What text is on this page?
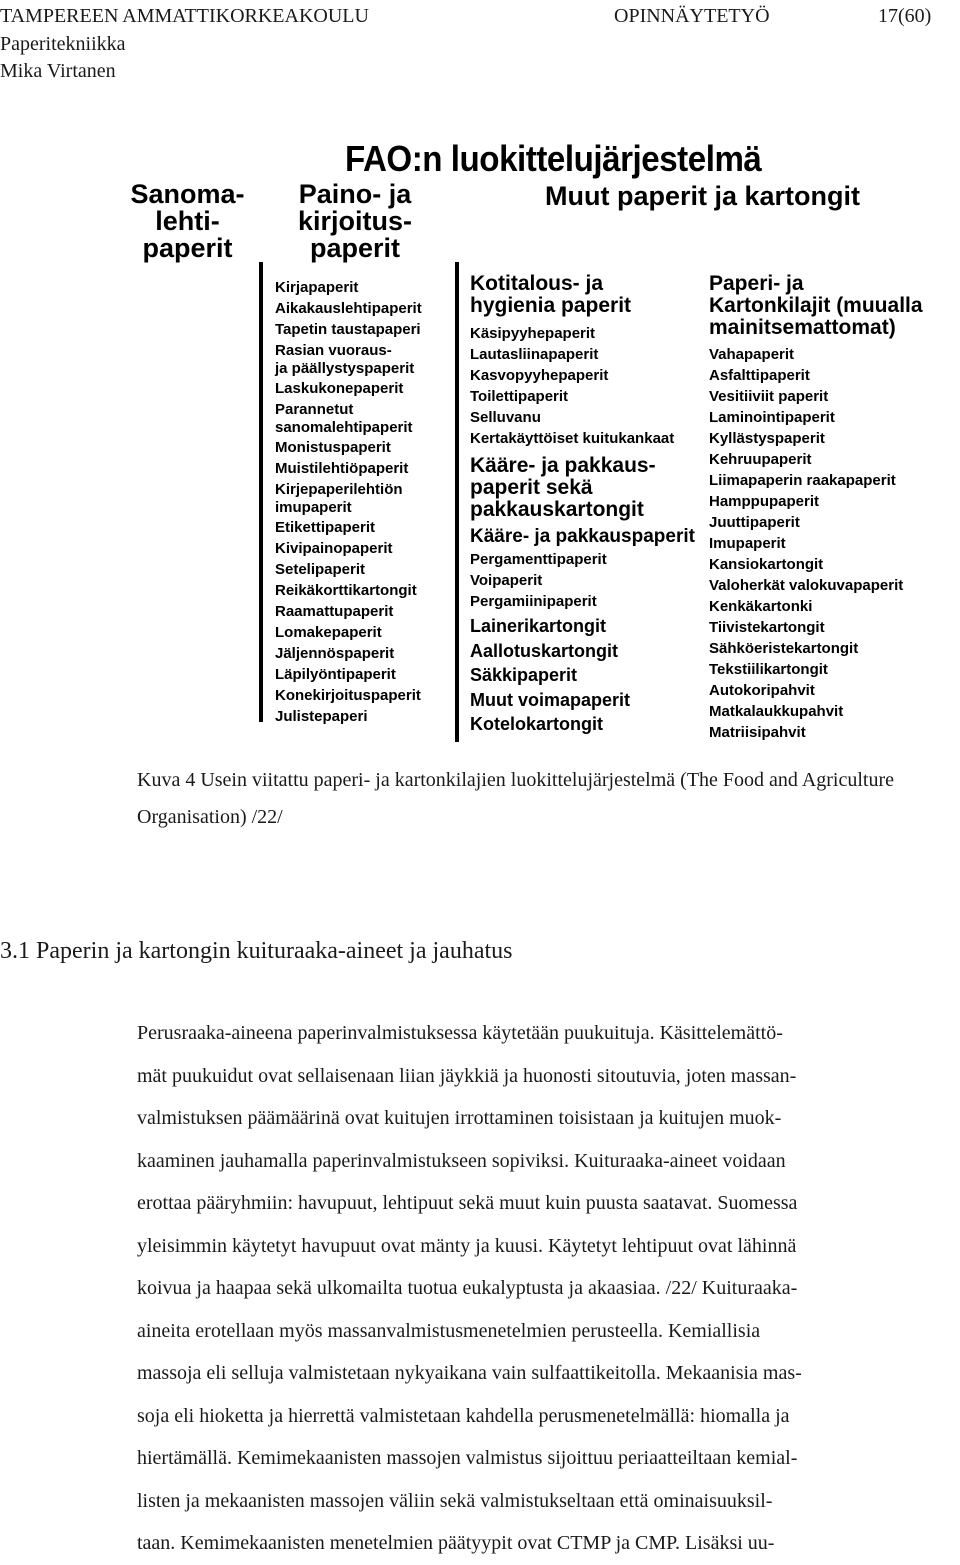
TAMPEREEN AMMATTIKORKEAKOULU	OPINNÄYTETYÖ	17(60)
Paperitekniikka
Mika Virtanen
FAO:n luokittelujärjestelmä
Sanoma-
lehti-
paperit
Paino- ja
kirjoitus-
paperit
Muut paperit ja kartongit
Kirjapaperit
Aikakauslehtipaperit
Tapetin taustapaperi
Rasian vuoraus-
ja päällystyspaperit
Laskukonepaperit
Parannetut
sanomalehtipaperit
Monistuspaperit
Muistilehtiöpaperit
Kirjepaperilehtiön
imupaperit
Etikettipaperit
Kivipainopaperit
Setelipaperit
Reikäkorttikartongit
Raamattupaperit
Lomakepaperit
Jäljennöspaperit
Läpilyöntipaperit
Konekirjoituspaperit
Julistepaperi
Kotitalous- ja
hygienia paperit
Käsipyyhepaperit
Lautasliinapaperit
Kasvopyyhepaperit
Toilettipaperit
Selluvanu
Kertakäyttöiset kuitukankaat
Kääre- ja pakkaus-
paperit sekä
pakkauskartongit
Kääre- ja pakkauspaperit
Pergamenttipaperit
Voipaperit
Pergamiinipaperit
Lainerikartongit
Aallotuskartongit
Säkkipaperit
Muut voimapaperit
Kotelokartongit
Paperi- ja
Kartonkilajit (muualla
mainitsemattomat)
Vahapaperit
Asfalttipaperit
Vesitiiviit paperit
Laminointipaperit
Kyllästyspaperit
Kehruupaperit
Liimapaperin raakapaperit
Hamppupaperit
Juuttipaperit
Imupaperit
Kansiokartongit
Valoherkät valokuvapaperit
Kenkäkartonki
Tiivistekartongit
Sähköeristekartongit
Tekstiilikartongit
Autokoripahvit
Matkalaukkupahvit
Matriisipahvit
Kuva 4 Usein viitattu paperi- ja kartonkilajien luokittelujärjestelmä (The Food and Agriculture Organisation) /22/
3.1 Paperin ja kartongin kuituraaka-aineet ja jauhatus

Perusraaka-aineena paperinvalmistuksessa käytetään puukuituja. Käsittelemättö-
mät puukuidut ovat sellaisenaan liian jäykkiä ja huonosti sitoutuvia, joten massan-
valmistuksen päämäärinä ovat kuitujen irrottaminen toisistaan ja kuitujen muok-
kaaminen jauhamalla paperinvalmistukseen sopiviksi. Kuituraaka-aineet voidaan
erottaa pääryhmiin: havupuut, lehtipuut sekä muut kuin puusta saatavat. Suomessa
yleisimmin käytetyt havupuut ovat mänty ja kuusi. Käytetyt lehtipuut ovat lähinnä
koivua ja haapaa sekä ulkomailta tuotua eukalyptusta ja akaasiaa. /22/ Kuituraaka-
aineita erotellaan myös massanvalmistusmenetelmien perusteella. Kemiallisia
massoja eli selluja valmistetaan nykyaikana vain sulfaattikeitolla. Mekaanisia mas-
soja eli hioketta ja hierrettä valmistetaan kahdella perusmenetelmällä: hiomalla ja
hiertämällä. Kemimekaanisten massojen valmistus sijoittuu periaatteiltaan kemial-
listen ja mekaanisten massojen väliin sekä valmistukseltaan että ominaisuuksil-
taan. Kemimekaanisten menetelmien päätyypit ovat CTMP ja CMP. Lisäksi uu-
